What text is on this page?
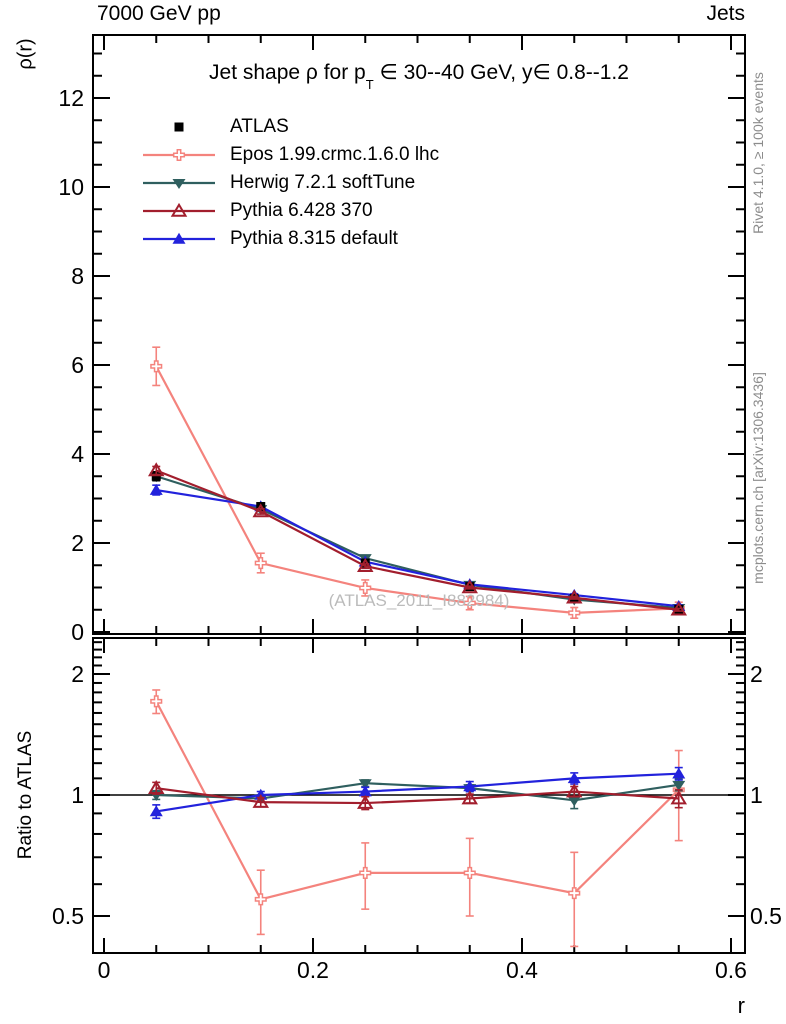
7000 GeV pp	Jets
Jet shape ρ for $p_T$ ∈ 30--40 GeV, y∈ 0.8--1.2
ATLAS
Epos 1.99.crmc.1.6.0 lhc
Herwig 7.2.1 softTune
Pythia 6.428 370
Pythia 8.315 default
(ATLAS_2011_I882984)
ρ(r)
Ratio to ATLAS
Rivet 4.1.0, ≥ 100k events
mcplots.cern.ch [arXiv:1306.3436]
r
0
2
4
6
8
10
12
0.5	0.5
1	1
2	2
0	0.2	0.4	0.6
